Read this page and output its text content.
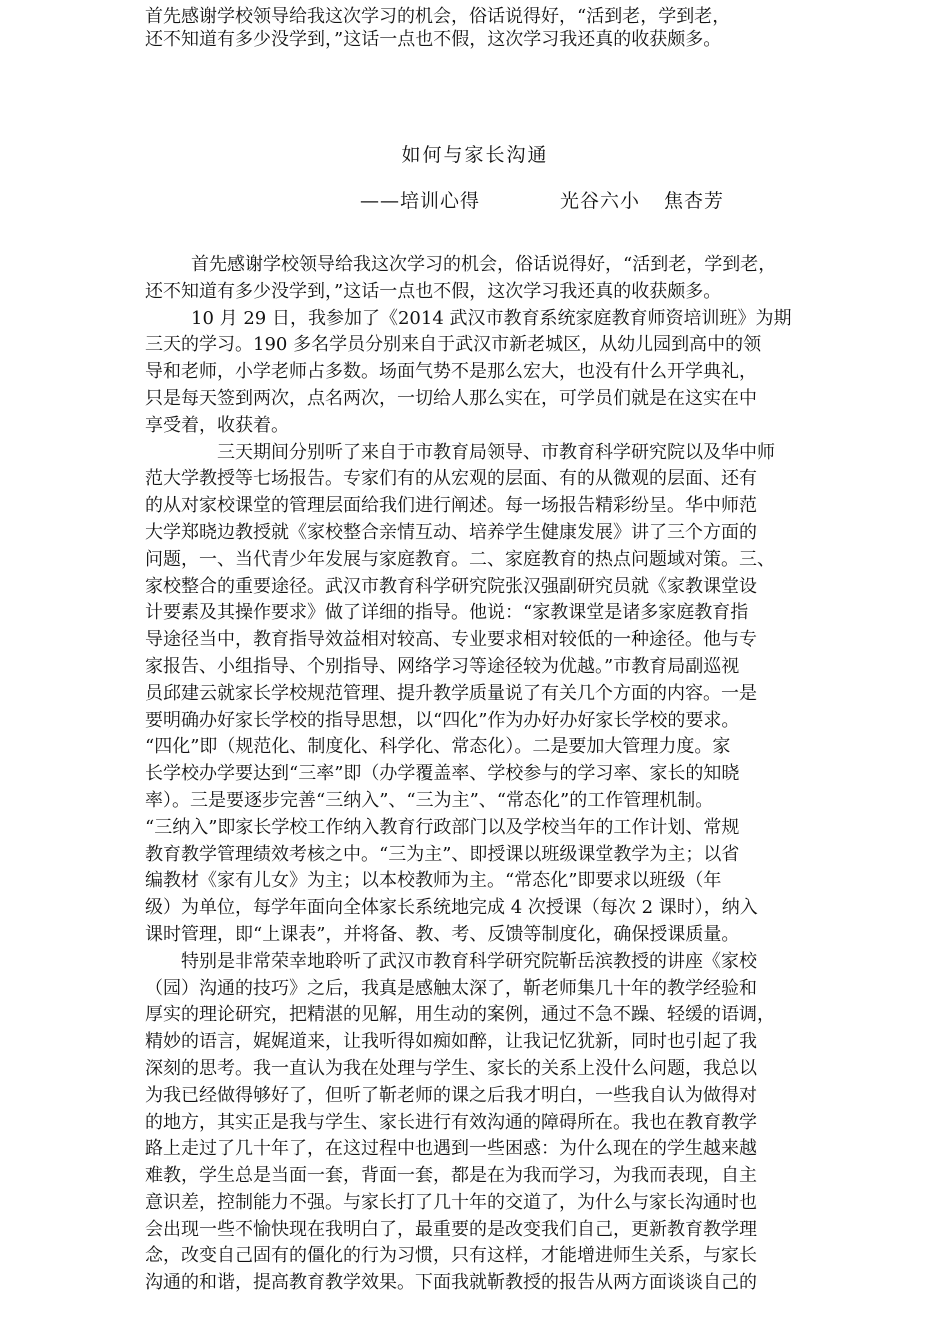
首先感谢学校领导给我这次学习的机会，俗话说得好，“活到老，学到老，
还不知道有多少没学到，”这话一点也不假，这次学习我还真的收获颇多。
如何与家长沟通
——培训心得	光谷六小 焦杏芳
首先感谢学校领导给我这次学习的机会，俗话说得好，“活到老，学到老，
还不知道有多少没学到，”这话一点也不假，这次学习我还真的收获颇多。
10 月 29 日，我参加了《2014 武汉市教育系统家庭教育师资培训班》为期
三天的学习。190 多名学员分别来自于武汉市新老城区，从幼儿园到高中的领
导和老师，小学老师占多数。场面气势不是那么宏大，也没有什么开学典礼，
只是每天签到两次，点名两次，一切给人那么实在，可学员们就是在这实在中
享受着，收获着。
三天期间分别听了来自于市教育局领导、市教育科学研究院以及华中师
范大学教授等七场报告。专家们有的从宏观的层面、有的从微观的层面、还有
的从对家校课堂的管理层面给我们进行阐述。每一场报告精彩纷呈。华中师范
大学郑晓边教授就《家校整合亲情互动、培养学生健康发展》讲了三个方面的
问题，一、当代青少年发展与家庭教育。二、家庭教育的热点问题域对策。三、
家校整合的重要途径。武汉市教育科学研究院张汉强副研究员就《家教课堂设
计要素及其操作要求》做了详细的指导。他说：“家教课堂是诸多家庭教育指
导途径当中，教育指导效益相对较高、专业要求相对较低的一种途径。他与专
家报告、小组指导、个别指导、网络学习等途径较为优越。”市教育局副巡视
员邱建云就家长学校规范管理、提升教学质量说了有关几个方面的内容。一是
要明确办好家长学校的指导思想，以“四化”作为办好办好家长学校的要求。
“四化”即（规范化、制度化、科学化、常态化）。二是要加大管理力度。家
长学校办学要达到“三率”即（办学覆盖率、学校参与的学习率、家长的知晓
率）。三是要逐步完善“三纳入”、“三为主”、“常态化”的工作管理机制。
“三纳入”即家长学校工作纳入教育行政部门以及学校当年的工作计划、常规
教育教学管理绩效考核之中。“三为主”、即授课以班级课堂教学为主；以省
编教材《家有儿女》为主；以本校教师为主。“常态化”即要求以班级（年
级）为单位，每学年面向全体家长系统地完成 4 次授课（每次 2 课时），纳入
课时管理，即“上课表”，并将备、教、考、反馈等制度化，确保授课质量。
特别是非常荣幸地聆听了武汉市教育科学研究院靳岳滨教授的讲座《家校
（园）沟通的技巧》之后，我真是感触太深了，靳老师集几十年的教学经验和
厚实的理论研究，把精湛的见解，用生动的案例，通过不急不躁、轻缓的语调，
精妙的语言，娓娓道来，让我听得如痴如醉，让我记忆犹新，同时也引起了我
深刻的思考。我一直认为我在处理与学生、家长的关系上没什么问题，我总以
为我已经做得够好了，但听了靳老师的课之后我才明白，一些我自认为做得对
的地方，其实正是我与学生、家长进行有效沟通的障碍所在。我也在教育教学
路上走过了几十年了，在这过程中也遇到一些困惑：为什么现在的学生越来越
难教，学生总是当面一套，背面一套，都是在为我而学习，为我而表现，自主
意识差，控制能力不强。与家长打了几十年的交道了，为什么与家长沟通时也
会出现一些不愉快现在我明白了，最重要的是改变我们自己，更新教育教学理
念，改变自己固有的僵化的行为习惯，只有这样，才能增进师生关系，与家长
沟通的和谐，提高教育教学效果。下面我就靳教授的报告从两方面谈谈自己的
